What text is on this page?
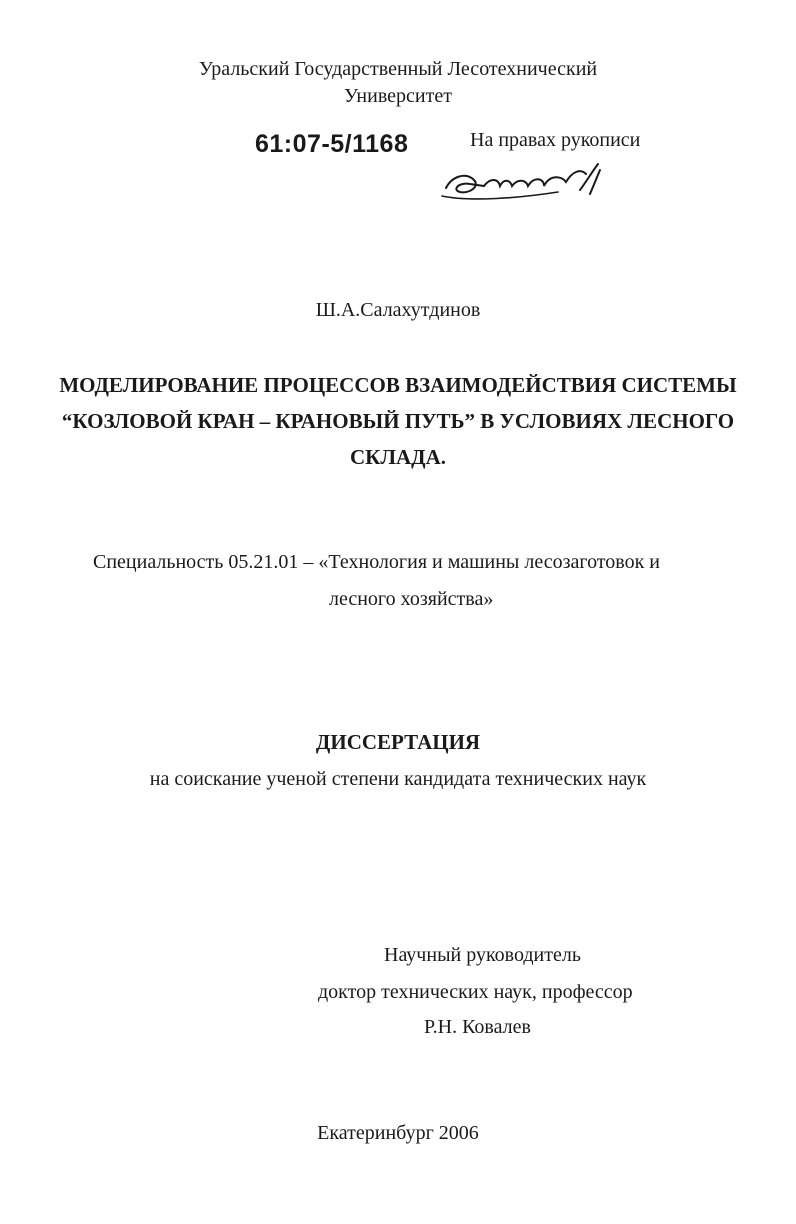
Уральский Государственный Лесотехнический
Университет
61:07-5/1168	На правах рукописи
Ш.А.Салахутдинов
МОДЕЛИРОВАНИЕ ПРОЦЕССОВ ВЗАИМОДЕЙСТВИЯ СИСТЕМЫ
“КОЗЛОВОЙ КРАН – КРАНОВЫЙ ПУТЬ” В УСЛОВИЯХ ЛЕСНОГО
СКЛАДА.
Специальность 05.21.01 – «Технология и машины лесозаготовок и
лесного хозяйства»
ДИССЕРТАЦИЯ
на соискание ученой степени кандидата технических наук
Научный руководитель
доктор технических наук, профессор
Р.Н. Ковалев
Екатеринбург 2006
